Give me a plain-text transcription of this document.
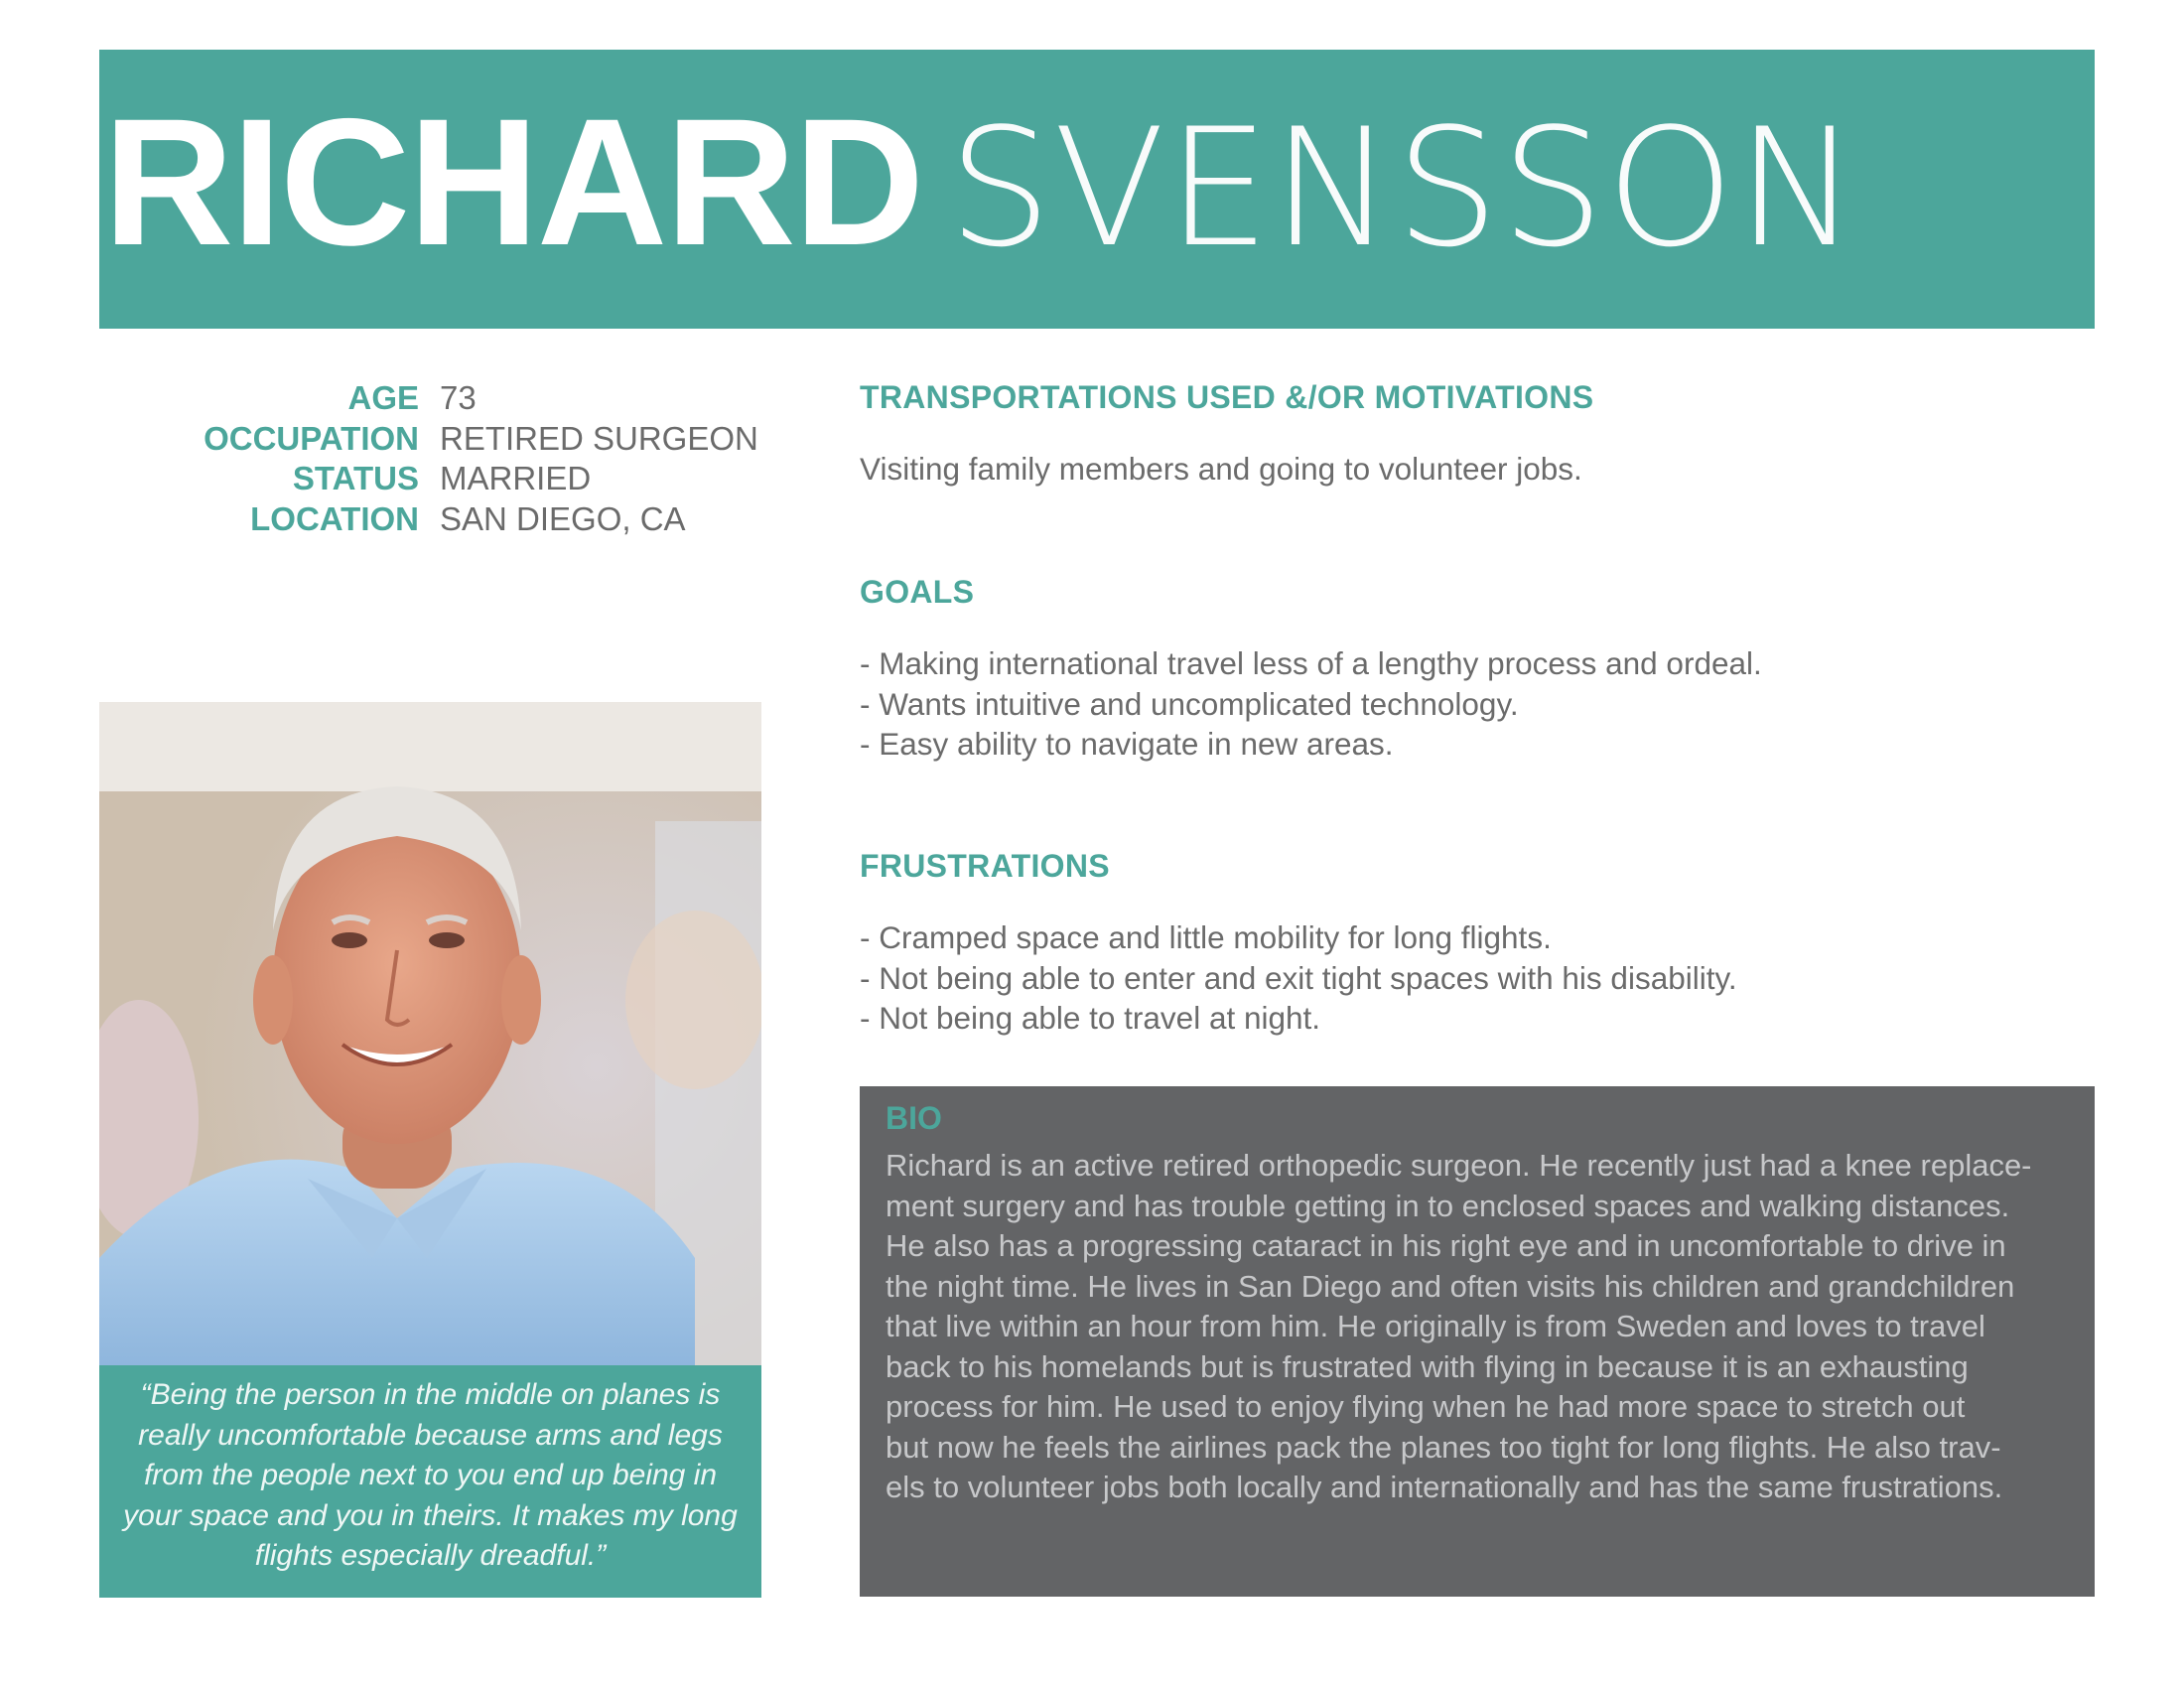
RICHARD SVENSSON
AGE 73
OCCUPATION RETIRED SURGEON
STATUS MARRIED
LOCATION SAN DIEGO, CA
“Being the person in the middle on planes is really uncomfortable because arms and legs from the people next to you end up being in your space and you in theirs. It makes my long flights especially dreadful.”
TRANSPORTATIONS USED &/OR MOTIVATIONS
Visiting family members and going to volunteer jobs.
GOALS
- Making international travel less of a lengthy process and ordeal.
- Wants intuitive and uncomplicated technology.
- Easy ability to navigate in new areas.
FRUSTRATIONS
- Cramped space and little mobility for long flights.
- Not being able to enter and exit tight spaces with his disability.
- Not being able to travel at night.
BIO
Richard is an active retired orthopedic surgeon. He recently just had a knee replace-
ment surgery and has trouble getting in to enclosed spaces and walking distances.
He also has a progressing cataract in his right eye and in uncomfortable to drive in
the night time. He lives in San Diego and often visits his children and grandchildren
that live within an hour from him. He originally is from Sweden and loves to travel
back to his homelands but is frustrated with flying in because it is an exhausting
process for him. He used to enjoy flying when he had more space to stretch out
but now he feels the airlines pack the planes too tight for long flights. He also trav-
els to volunteer jobs both locally and internationally and has the same frustrations.
